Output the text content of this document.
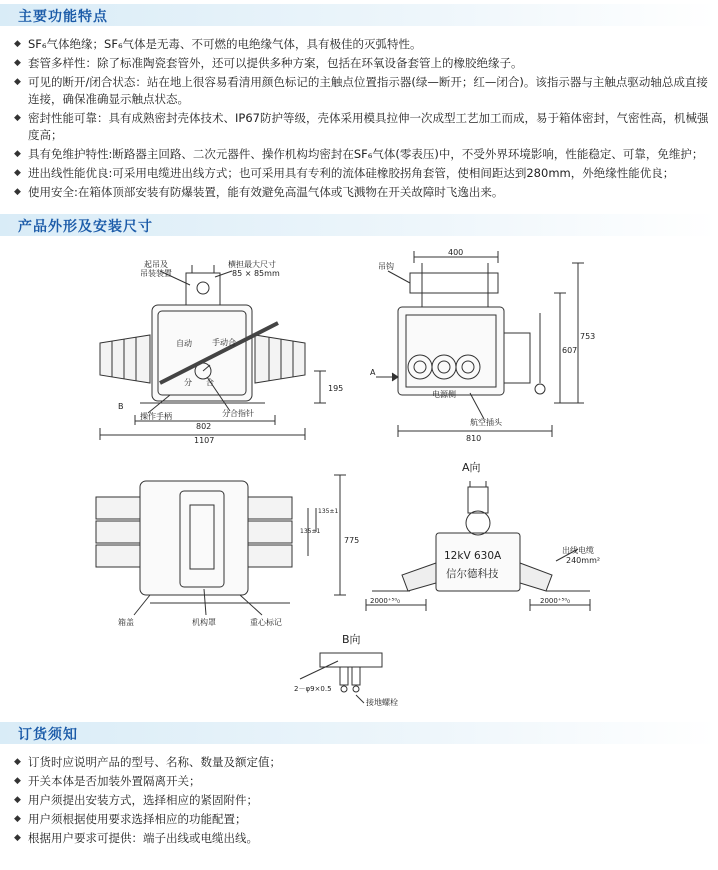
主要功能特点
◆ SF₆气体绝缘；SF₆气体是无毒、不可燃的电绝缘气体，具有极佳的灭弧特性。
◆ 套管多样性：除了标准陶瓷套管外，还可以提供多种方案，包括在环氧设备套管上的橡胶绝缘子。
◆ 可见的断开/闭合状态：站在地上很容易看清用颜色标记的主触点位置指示器(绿—断开；红—闭合)。该指示器与主触点驱动轴总成直接连接，确保准确显示触点状态。
◆ 密封性能可靠：具有成熟密封壳体技术、IP67防护等级，壳体采用模具拉伸一次成型工艺加工而成，易于箱体密封，气密性高，机械强度高；
◆ 具有免维护特性:断路器主回路、二次元器件、操作机构均密封在SF₆气体(零表压)中，不受外界环境影响，性能稳定、可靠，免维护；
◆ 进出线性能优良:可采用电缆进出线方式；也可采用具有专利的流体硅橡胶拐角套管，使相间距达到280mm，外绝缘性能优良；
◆ 使用安全:在箱体顶部安装有防爆装置，能有效避免高温气体或飞溅物在开关故障时飞逸出来。
产品外形及安装尺寸
起吊及
吊装装置
横担最大尺寸
85 × 85mm
自动	手动合
分 合
B
操作手柄	分合指针
802
1107
195
吊钩
400
A
电源侧
航空插头
810
607
753
箱盖	机构罩	重心标记
775
135±1
135±1
出线电缆
240mm²
2000⁺⁵⁰₀	2000⁺⁵⁰₀
2－φ9×0.5
接地螺栓
A向
B向
12kV 630A
信尔德科技
订货须知
◆ 订货时应说明产品的型号、名称、数量及额定值；
◆ 开关本体是否加装外置隔离开关；
◆ 用户须提出安装方式，选择相应的紧固附件；
◆ 用户须根据使用要求选择相应的功能配置；
◆ 根据用户要求可提供：端子出线或电缆出线。
